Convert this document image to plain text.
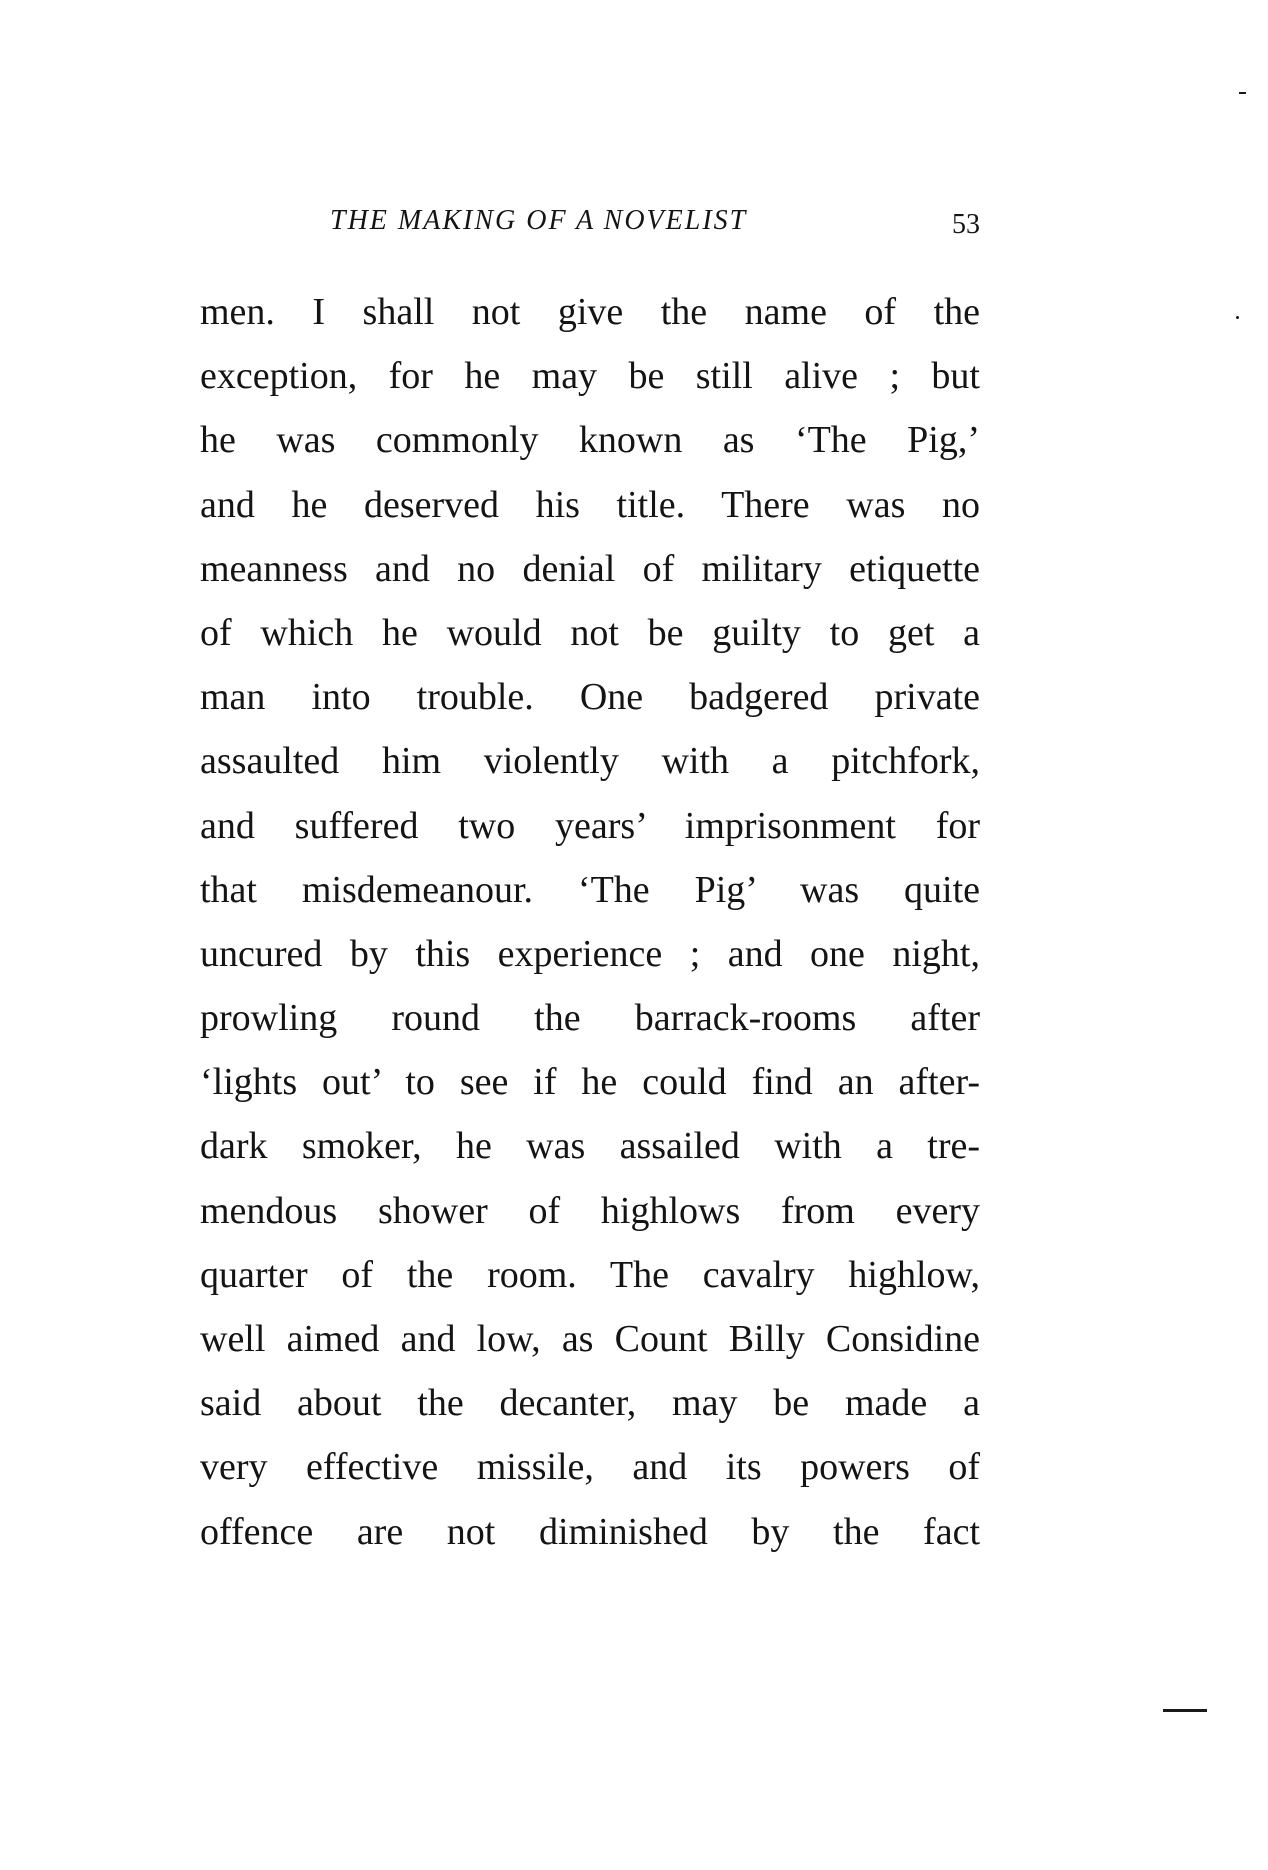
THE MAKING OF A NOVELIST	53
men. I shall not give the name of the
exception, for he may be still alive ; but
he was commonly known as ‘The Pig,’
and he deserved his title. There was no
meanness and no denial of military etiquette
of which he would not be guilty to get a
man into trouble. One badgered private
assaulted him violently with a pitchfork,
and suffered two years’ imprisonment for
that misdemeanour. ‘The Pig’ was quite
uncured by this experience ; and one night,
prowling round the barrack-rooms after
‘lights out’ to see if he could find an after-
dark smoker, he was assailed with a tre-
mendous shower of highlows from every
quarter of the room. The cavalry highlow,
well aimed and low, as Count Billy Considine
said about the decanter, may be made a
very effective missile, and its powers of
offence are not diminished by the fact
